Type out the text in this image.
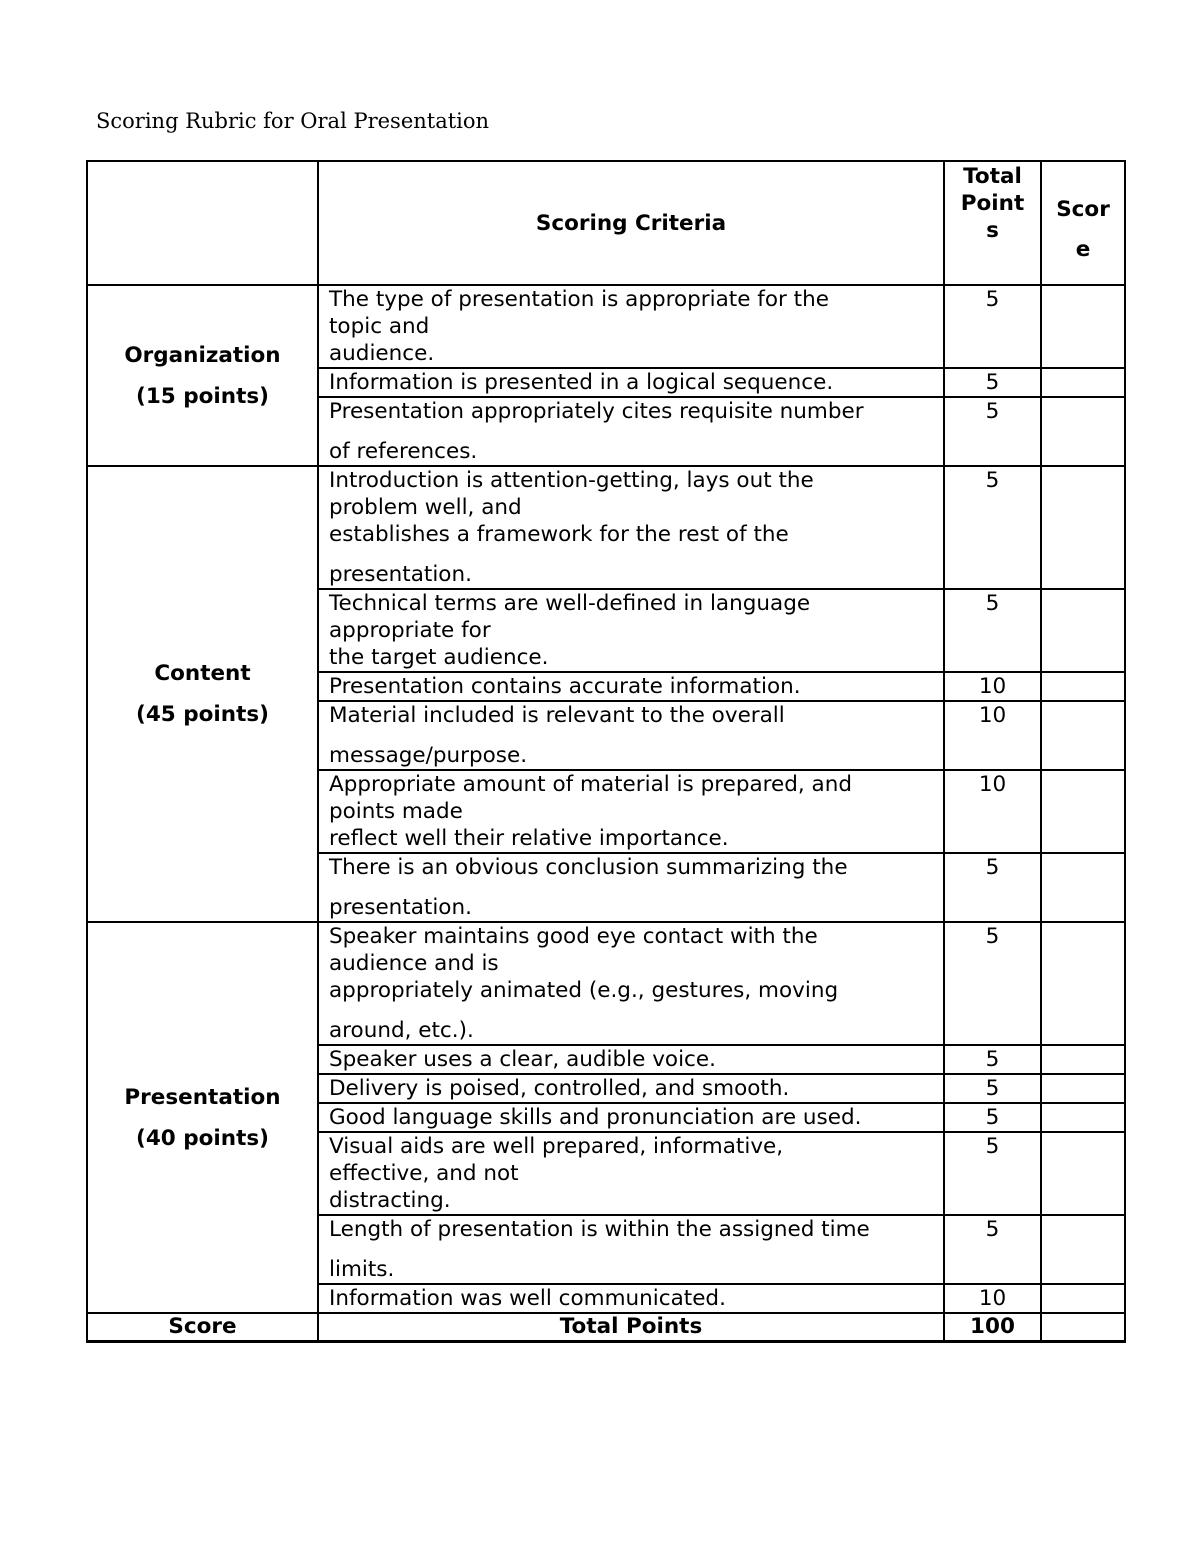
Scoring Rubric for Oral Presentation
	Scoring Criteria	Total
Point
s	Scor
e
Organization
(15 points)	The type of presentation is appropriate for the
topic and
audience.	5	
	Information is presented in a logical sequence.	5	
	Presentation appropriately cites requisite number
of references.	5	
Content
(45 points)	Introduction is attention-getting, lays out the
problem well, and
establishes a framework for the rest of the
presentation.	5	
	Technical terms are well-defined in language
appropriate for
the target audience.	5	
	Presentation contains accurate information.	10	
	Material included is relevant to the overall
message/purpose.	10	
	Appropriate amount of material is prepared, and
points made
reflect well their relative importance.	10	
	There is an obvious conclusion summarizing the
presentation.	5	
Presentation
(40 points)	Speaker maintains good eye contact with the
audience and is
appropriately animated (e.g., gestures, moving
around, etc.).	5	
	Speaker uses a clear, audible voice.	5	
	Delivery is poised, controlled, and smooth.	5	
	Good language skills and pronunciation are used.	5	
	Visual aids are well prepared, informative,
effective, and not
distracting.	5	
	Length of presentation is within the assigned time
limits.	5	
	Information was well communicated.	10	
Score	Total Points	100	
